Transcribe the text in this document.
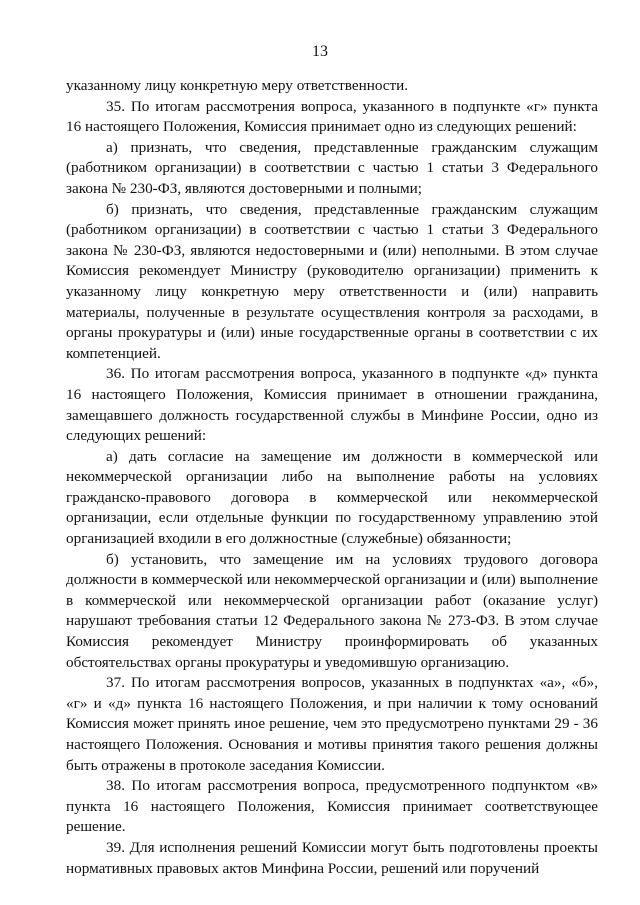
13

указанному лицу конкретную меру ответственности.

35. По итогам рассмотрения вопроса, указанного в подпункте «г» пункта 16 настоящего Положения, Комиссия принимает одно из следующих решений:

а) признать, что сведения, представленные гражданским служащим (работником организации) в соответствии с частью 1 статьи 3 Федерального закона № 230-ФЗ, являются достоверными и полными;

б) признать, что сведения, представленные гражданским служащим (работником организации) в соответствии с частью 1 статьи 3 Федерального закона № 230-ФЗ, являются недостоверными и (или) неполными. В этом случае Комиссия рекомендует Министру (руководителю организации) применить к указанному лицу конкретную меру ответственности и (или) направить материалы, полученные в результате осуществления контроля за расходами, в органы прокуратуры и (или) иные государственные органы в соответствии с их компетенцией.

36. По итогам рассмотрения вопроса, указанного в подпункте «д» пункта 16 настоящего Положения, Комиссия принимает в отношении гражданина, замещавшего должность государственной службы в Минфине России, одно из следующих решений:

а) дать согласие на замещение им должности в коммерческой или некоммерческой организации либо на выполнение работы на условиях гражданско-правового договора в коммерческой или некоммерческой организации, если отдельные функции по государственному управлению этой организацией входили в его должностные (служебные) обязанности;

б) установить, что замещение им на условиях трудового договора должности в коммерческой или некоммерческой организации и (или) выполнение в коммерческой или некоммерческой организации работ (оказание услуг) нарушают требования статьи 12 Федерального закона № 273-ФЗ. В этом случае Комиссия рекомендует Министру проинформировать об указанных обстоятельствах органы прокуратуры и уведомившую организацию.

37. По итогам рассмотрения вопросов, указанных в подпунктах «а», «б», «г» и «д» пункта 16 настоящего Положения, и при наличии к тому оснований Комиссия может принять иное решение, чем это предусмотрено пунктами 29 - 36 настоящего Положения. Основания и мотивы принятия такого решения должны быть отражены в протоколе заседания Комиссии.

38. По итогам рассмотрения вопроса, предусмотренного подпунктом «в» пункта 16 настоящего Положения, Комиссия принимает соответствующее решение.

39. Для исполнения решений Комиссии могут быть подготовлены проекты нормативных правовых актов Минфина России, решений или поручений
